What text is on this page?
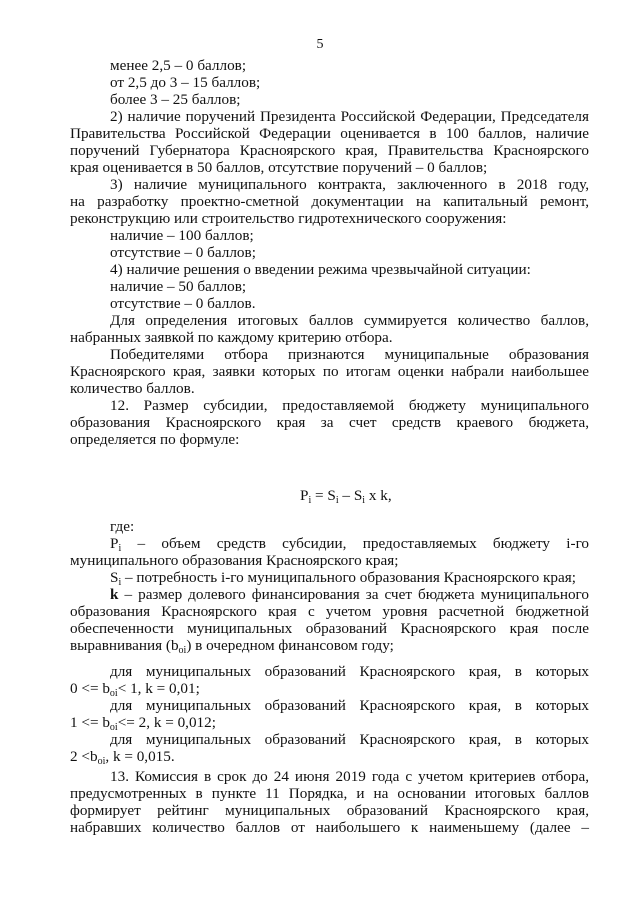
5
менее 2,5 – 0 баллов;
от 2,5 до 3 – 15 баллов;
более 3 – 25 баллов;
2) наличие поручений Президента Российской Федерации, Председателя
Правительства Российской Федерации оценивается в 100 баллов, наличие
поручений Губернатора Красноярского края, Правительства Красноярского
края оценивается в 50 баллов, отсутствие поручений – 0 баллов;
3) наличие муниципального контракта, заключенного в 2018 году,
на разработку проектно-сметной документации на капитальный ремонт,
реконструкцию или строительство гидротехнического сооружения:
наличие – 100 баллов;
отсутствие – 0 баллов;
4) наличие решения о введении режима чрезвычайной ситуации:
наличие – 50 баллов;
отсутствие – 0 баллов.
Для определения итоговых баллов суммируется количество баллов,
набранных заявкой по каждому критерию отбора.
Победителями отбора признаются муниципальные образования
Красноярского края, заявки которых по итогам оценки набрали наибольшее
количество баллов.
12. Размер субсидии, предоставляемой бюджету муниципального
образования Красноярского края за счет средств краевого бюджета,
определяется по формуле:
$P_i = S_i - S_i$ x k,
где:
$P_i$ – объем средств субсидии, предоставляемых бюджету i-го
муниципального образования Красноярского края;
$S_i$ – потребность i-го муниципального образования Красноярского края;
k – размер долевого финансирования за счет бюджета муниципального
образования Красноярского края с учетом уровня расчетной бюджетной
обеспеченности муниципальных образований Красноярского края после
выравнивания $(b_{oi})$ в очередном финансовом году;
для муниципальных образований Красноярского края, в которых
$0 <= b_{oi}< 1$, k = 0,01;
для муниципальных образований Красноярского края, в которых
$1 <= b_{oi}<= 2$, k = 0,012;
для муниципальных образований Красноярского края, в которых
$2 <b_{oi}$, k = 0,015.
13. Комиссия в срок до 24 июня 2019 года с учетом критериев отбора,
предусмотренных в пункте 11 Порядка, и на основании итоговых баллов
формирует рейтинг муниципальных образований Красноярского края,
набравших количество баллов от наибольшего к наименьшему (далее –
